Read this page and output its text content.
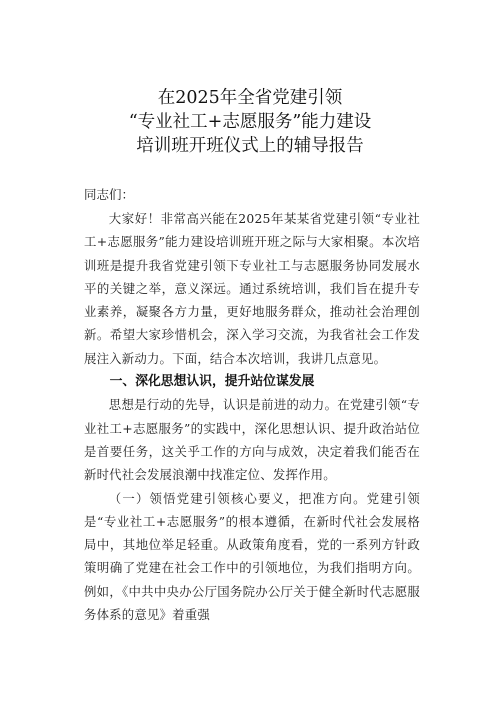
在2025年全省党建引领
“专业社工+志愿服务”能力建设
培训班开班仪式上的辅导报告
同志们：

大家好！非常高兴能在2025年某某省党建引领“专业社工+志愿服务”能力建设培训班开班之际与大家相聚。本次培训班是提升我省党建引领下专业社工与志愿服务协同发展水平的关键之举，意义深远。通过系统培训，我们旨在提升专业素养，凝聚各方力量，更好地服务群众，推动社会治理创新。希望大家珍惜机会，深入学习交流，为我省社会工作发展注入新动力。下面，结合本次培训，我讲几点意见。

一、深化思想认识，提升站位谋发展

思想是行动的先导，认识是前进的动力。在党建引领“专业社工+志愿服务”的实践中，深化思想认识、提升政治站位是首要任务，这关乎工作的方向与成效，决定着我们能否在新时代社会发展浪潮中找准定位、发挥作用。

（一）领悟党建引领核心要义，把准方向。党建引领是“专业社工+志愿服务”的根本遵循，在新时代社会发展格局中，其地位举足轻重。从政策角度看，党的一系列方针政策明确了党建在社会工作中的引领地位，为我们指明方向。例如，《中共中央办公厅国务院办公厅关于健全新时代志愿服务体系的意见》着重强
